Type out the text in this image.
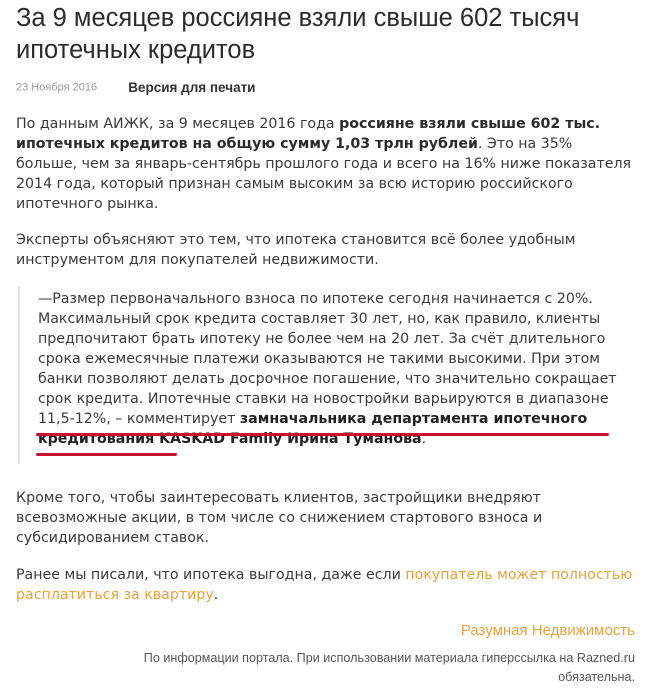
За 9 месяцев россияне взяли свыше 602 тысяч ипотечных кредитов
23 Ноября 2016 Версия для печати

По данным АИЖК, за 9 месяцев 2016 года россияне взяли свыше 602 тыс. ипотечных кредитов на общую сумму 1,03 трлн рублей. Это на 35% больше, чем за январь-сентябрь прошлого года и всего на 16% ниже показателя 2014 года, который признан самым высоким за всю историю российского ипотечного рынка.

Эксперты объясняют это тем, что ипотека становится всё более удобным инструментом для покупателей недвижимости.

—Размер первоначального взноса по ипотеке сегодня начинается с 20%. Максимальный срок кредита составляет 30 лет, но, как правило, клиенты предпочитают брать ипотеку не более чем на 20 лет. За счёт длительного срока ежемесячные платежи оказываются не такими высокими. При этом банки позволяют делать досрочное погашение, что значительно сокращает срок кредита. Ипотечные ставки на новостройки варьируются в диапазоне 11,5-12%, – комментирует замначальника департамента ипотечного кредитования KASKAD Family Ирина Туманова.

Кроме того, чтобы заинтересовать клиентов, застройщики внедряют всевозможные акции, в том числе со снижением стартового взноса и субсидированием ставок.

Ранее мы писали, что ипотека выгодна, даже если покупатель может полностью расплатиться за квартиру.

Разумная Недвижимость
По информации портала. При использовании материала гиперссылка на Razned.ru обязательна.
